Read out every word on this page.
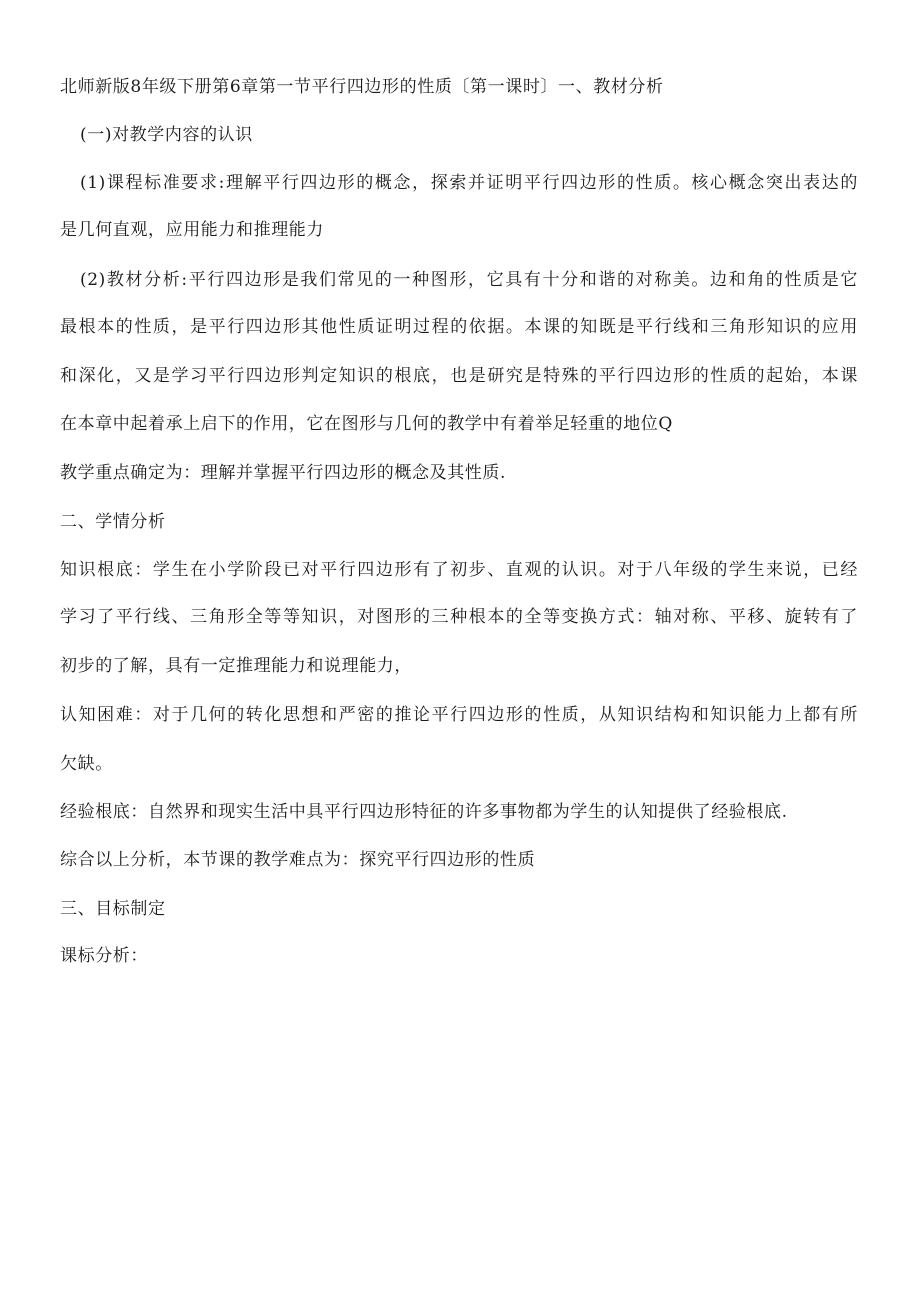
北师新版8年级下册第6章第一节平行四边形的性质〔第一课时〕一、教材分析
(一)对教学内容的认识
(1)课程标准要求:理解平行四边形的概念，探索并证明平行四边形的性质。核心概念突出表达的
是几何直观，应用能力和推理能力
(2)教材分析:平行四边形是我们常见的一种图形，它具有十分和谐的对称美。边和角的性质是它
最根本的性质，是平行四边形其他性质证明过程的依据。本课的知既是平行线和三角形知识的应用
和深化，又是学习平行四边形判定知识的根底，也是研究是特殊的平行四边形的性质的起始，本课
在本章中起着承上启下的作用，它在图形与几何的教学中有着举足轻重的地位Q
教学重点确定为：理解并掌握平行四边形的概念及其性质.
二、学情分析
知识根底：学生在小学阶段已对平行四边形有了初步、直观的认识。对于八年级的学生来说，已经
学习了平行线、三角形全等等知识，对图形的三种根本的全等变换方式：轴对称、平移、旋转有了
初步的了解，具有一定推理能力和说理能力，
认知困难：对于几何的转化思想和严密的推论平行四边形的性质，从知识结构和知识能力上都有所
欠缺。
经验根底：自然界和现实生活中具平行四边形特征的许多事物都为学生的认知提供了经验根底.
综合以上分析，本节课的教学难点为：探究平行四边形的性质
三、目标制定
课标分析：
